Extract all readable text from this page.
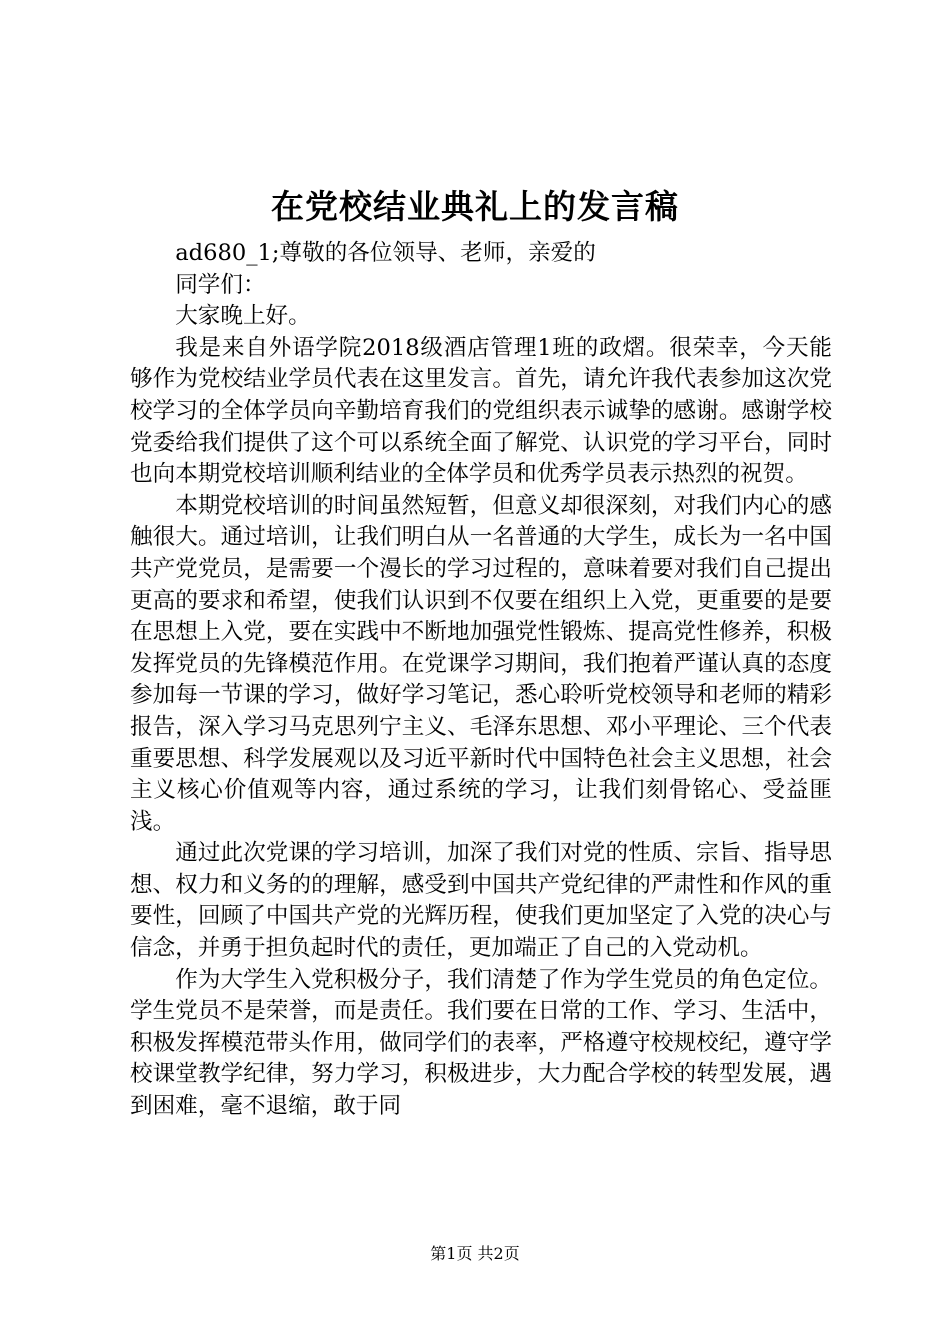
在党校结业典礼上的发言稿

ad680_1;尊敬的各位领导、老师，亲爱的

同学们：

大家晚上好。

我是来自外语学院2018级酒店管理1班的政熠。很荣幸，今天能够作为党校结业学员代表在这里发言。首先，请允许我代表参加这次党校学习的全体学员向辛勤培育我们的党组织表示诚挚的感谢。感谢学校党委给我们提供了这个可以系统全面了解党、认识党的学习平台，同时也向本期党校培训顺利结业的全体学员和优秀学员表示热烈的祝贺。

本期党校培训的时间虽然短暂，但意义却很深刻，对我们内心的感触很大。通过培训，让我们明白从一名普通的大学生，成长为一名中国共产党党员，是需要一个漫长的学习过程的，意味着要对我们自己提出更高的要求和希望，使我们认识到不仅要在组织上入党，更重要的是要在思想上入党，要在实践中不断地加强党性锻炼、提高党性修养，积极发挥党员的先锋模范作用。在党课学习期间，我们抱着严谨认真的态度参加每一节课的学习，做好学习笔记，悉心聆听党校领导和老师的精彩报告，深入学习马克思列宁主义、毛泽东思想、邓小平理论、三个代表重要思想、科学发展观以及习近平新时代中国特色社会主义思想，社会主义核心价值观等内容，通过系统的学习，让我们刻骨铭心、受益匪浅。

通过此次党课的学习培训，加深了我们对党的性质、宗旨、指导思想、权力和义务的的理解，感受到中国共产党纪律的严肃性和作风的重要性，回顾了中国共产党的光辉历程，使我们更加坚定了入党的决心与信念，并勇于担负起时代的责任，更加端正了自己的入党动机。

作为大学生入党积极分子，我们清楚了作为学生党员的角色定位。学生党员不是荣誉，而是责任。我们要在日常的工作、学习、生活中，积极发挥模范带头作用，做同学们的表率，严格遵守校规校纪，遵守学校课堂教学纪律，努力学习，积极进步，大力配合学校的转型发展，遇到困难，毫不退缩，敢于同

第1页 共2页
